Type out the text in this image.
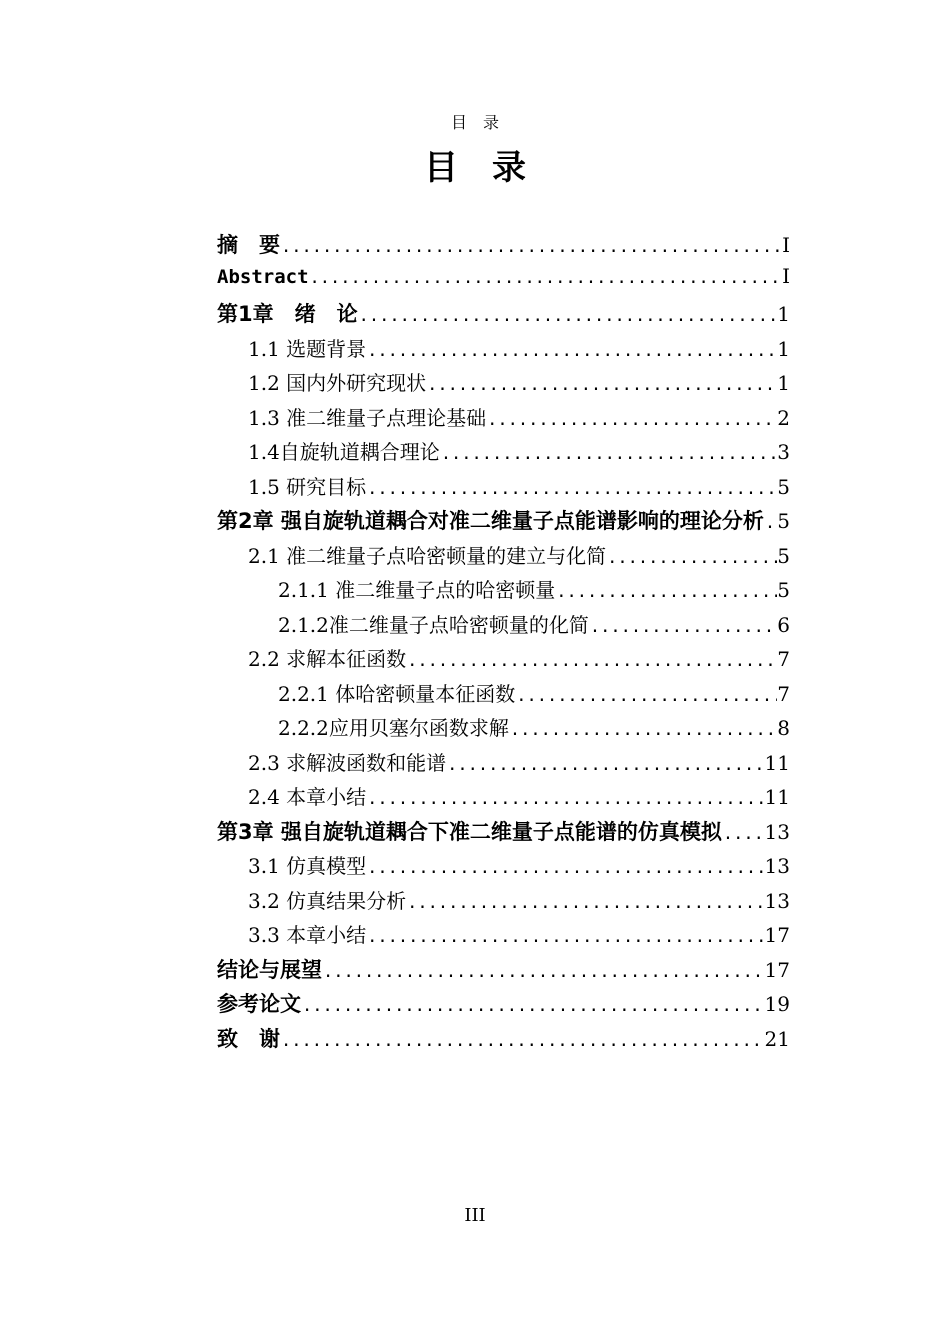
目　录
目　录
摘　要 .....	I
Abstract .....	I
第1章　绪　论 .....	1
1.1 选题背景 .....	1
1.2 国内外研究现状 .....	1
1.3 准二维量子点理论基础 .....	2
1.4自旋轨道耦合理论 .....	3
1.5 研究目标 .....	5
第2章 强自旋轨道耦合对准二维量子点能谱影响的理论分析 ..... 5
2.1 准二维量子点哈密顿量的建立与化简 .....	5
2.1.1 准二维量子点的哈密顿量 .....	5
2.1.2准二维量子点哈密顿量的化简 .....	6
2.2 求解本征函数 .....	7
2.2.1 体哈密顿量本征函数 .....	7
2.2.2应用贝塞尔函数求解 .....	8
2.3 求解波函数和能谱 .....	11
2.4 本章小结 .....	11
第3章 强自旋轨道耦合下准二维量子点能谱的仿真模拟 ..... 13
3.1 仿真模型 .....	13
3.2 仿真结果分析 .....	13
3.3 本章小结 .....	17
结论与展望 .....	17
参考论文 .....	19
致　谢 .....	21
III
